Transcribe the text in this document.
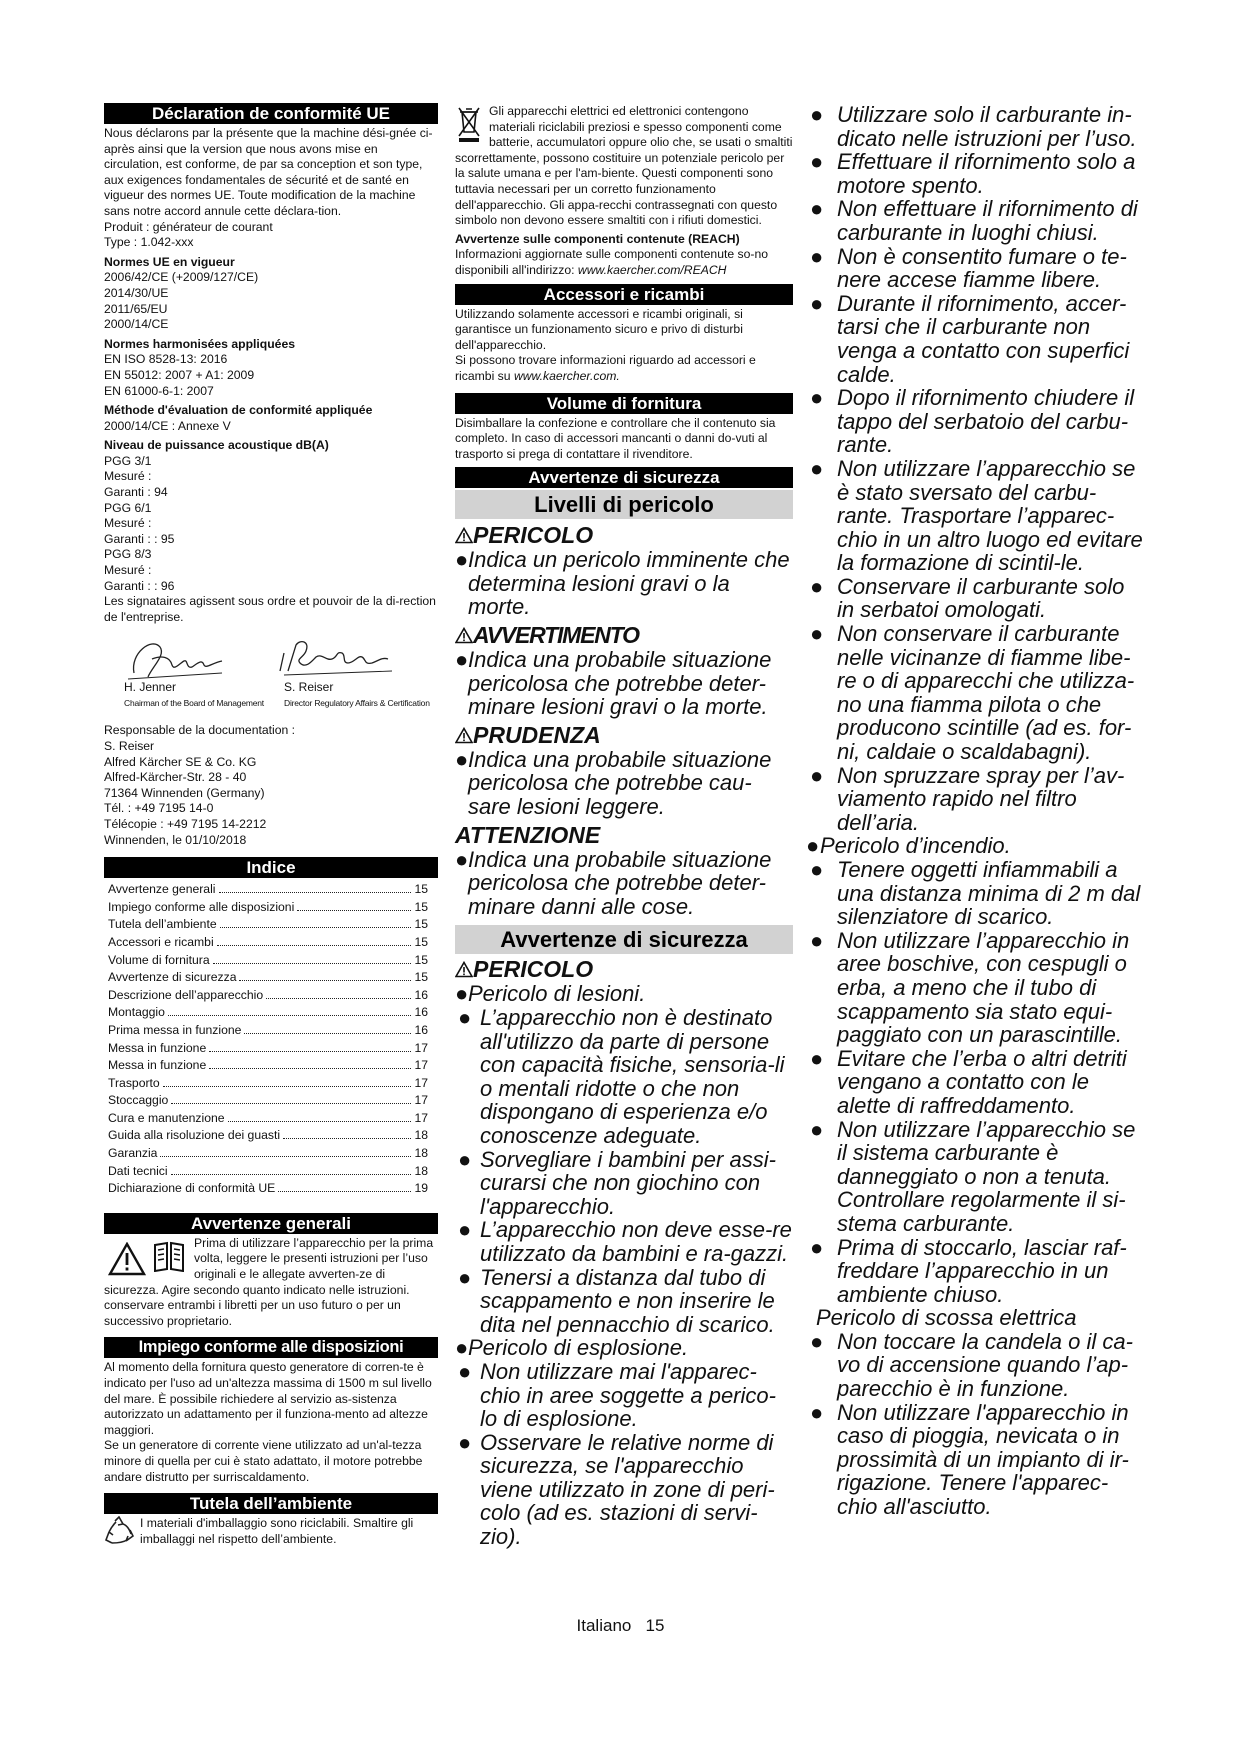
Déclaration de conformité UE

Nous déclarons par la présente que la machine dési-gnée ci-après ainsi que la version que nous avons mise en circulation, est conforme, de par sa conception et son type, aux exigences fondamentales de sécurité et de santé en vigueur des normes UE. Toute modification de la machine sans notre accord annule cette déclara-tion.

Produit : générateur de courant

Type : 1.042-xxx

Normes UE en vigueur

2006/42/CE (+2009/127/CE)

2014/30/UE

2011/65/EU

2000/14/CE

Normes harmonisées appliquées

EN ISO 8528-13: 2016

EN 55012: 2007 + A1: 2009

EN 61000-6-1: 2007

Méthode d'évaluation de conformité appliquée

2000/14/CE : Annexe V

Niveau de puissance acoustique dB(A)

PGG 3/1

Mesuré :

Garanti : 94

PGG 6/1

Mesuré :

Garanti : : 95

PGG 8/3

Mesuré :

Garanti : : 96

Les signataires agissent sous ordre et pouvoir de la di-rection de l'entreprise.

H. Jenner
Chairman of the Board of Management
S. Reiser
Director Regulatory Affairs & Certification

Responsable de la documentation :

S. Reiser

Alfred Kärcher SE & Co. KG

Alfred-Kärcher-Str. 28 - 40

71364 Winnenden (Germany)

Tél. : +49 7195 14-0

Télécopie : +49 7195 14-2212

Winnenden, le 01/10/2018

Indice
Avvertenze generali	15
Impiego conforme alle disposizioni	15
Tutela dell’ambiente	15
Accessori e ricambi	15
Volume di fornitura	15
Avvertenze di sicurezza	15
Descrizione dell’apparecchio	16
Montaggio	16
Prima messa in funzione	16
Messa in funzione	17
Messa in funzione	17
Trasporto	17
Stoccaggio	17
Cura e manutenzione	17
Guida alla risoluzione dei guasti	18
Garanzia	18
Dati tecnici	18
Dichiarazione di conformità UE	19
Avvertenze generali

Prima di utilizzare l’apparecchio per la prima volta, leggere le presenti istruzioni per l’uso originali e le allegate avverten-ze di sicurezza. Agire secondo quanto indicato nelle istruzioni.

conservare entrambi i libretti per un uso futuro o per un successivo proprietario.

Impiego conforme alle disposizioni

Al momento della fornitura questo generatore di corren-te è indicato per l'uso ad un'altezza massima di 1500 m sul livello del mare. È possibile richiedere al servizio as-sistenza autorizzato un adattamento per il funziona-mento ad altezze maggiori.

Se un generatore di corrente viene utilizzato ad un'al-tezza minore di quella per cui è stato adattato, il motore potrebbe andare distrutto per surriscaldamento.

Tutela dell’ambiente

I materiali d'imballaggio sono riciclabili. Smaltire gli imballaggi nel rispetto dell’ambiente.

Gli apparecchi elettrici ed elettronici contengono materiali riciclabili preziosi e spesso componenti come batterie, accumulatori oppure olio che, se usati o smaltiti scorrettamente, possono costituire un potenziale pericolo per la salute umana e per l'am-biente. Questi componenti sono tuttavia necessari per un corretto funzionamento dell'apparecchio. Gli appa-recchi contrassegnati con questo simbolo non devono essere smaltiti con i rifiuti domestici.

Avvertenze sulle componenti contenute (REACH)

Informazioni aggiornate sulle componenti contenute so-no disponibili all'indirizzo: www.kaercher.com/REACH

Accessori e ricambi

Utilizzando solamente accessori e ricambi originali, si garantisce un funzionamento sicuro e privo di disturbi dell'apparecchio.

Si possono trovare informazioni riguardo ad accessori e ricambi su www.kaercher.com.

Volume di fornitura

Disimballare la confezione e controllare che il contenuto sia completo. In caso di accessori mancanti o danni do-vuti al trasporto si prega di contattare il rivenditore.

Avvertenze di sicurezza
Livelli di pericolo
PERICOLO
● Indica un pericolo imminente che determina lesioni gravi o la morte.
AVVERTIMENTO
● Indica una probabile situazione pericolosa che potrebbe deter-minare lesioni gravi o la morte.
PRUDENZA
● Indica una probabile situazione pericolosa che potrebbe cau-sare lesioni leggere.
ATTENZIONE
● Indica una probabile situazione pericolosa che potrebbe deter-minare danni alle cose.
Avvertenze di sicurezza
PERICOLO
● Pericolo di lesioni.
● L’apparecchio non è destinato all'utilizzo da parte di persone con capacità fisiche, sensoria-li o mentali ridotte o che non dispongano di esperienza e/o conoscenze adeguate.
● Sorvegliare i bambini per assi-curarsi che non giochino con l'apparecchio.
● L’apparecchio non deve esse-re utilizzato da bambini e ra-gazzi.
● Tenersi a distanza dal tubo di scappamento e non inserire le dita nel pennacchio di scarico.
● Pericolo di esplosione.
● Non utilizzare mai l'apparec-chio in aree soggette a perico-lo di esplosione.
● Osservare le relative norme di sicurezza, se l'apparecchio viene utilizzato in zone di peri-colo (ad es. stazioni di servi-zio).
● Utilizzare solo il carburante in-dicato nelle istruzioni per l’uso.
● Effettuare il rifornimento solo a motore spento.
● Non effettuare il rifornimento di carburante in luoghi chiusi.
● Non è consentito fumare o te-nere accese fiamme libere.
● Durante il rifornimento, accer-tarsi che il carburante non venga a contatto con superfici calde.
● Dopo il rifornimento chiudere il tappo del serbatoio del carbu-rante.
● Non utilizzare l’apparecchio se è stato sversato del carbu-rante. Trasportare l’apparec-chio in un altro luogo ed evitare la formazione di scintil-le.
● Conservare il carburante solo in serbatoi omologati.
● Non conservare il carburante nelle vicinanze di fiamme libe-re o di apparecchi che utilizza-no una fiamma pilota o che producono scintille (ad es. for-ni, caldaie o scaldabagni).
● Non spruzzare spray per l’av-viamento rapido nel filtro dell’aria.
● Pericolo d’incendio.
● Tenere oggetti infiammabili a una distanza minima di 2 m dal silenziatore di scarico.
● Non utilizzare l’apparecchio in aree boschive, con cespugli o erba, a meno che il tubo di scappamento sia stato equi-paggiato con un parascintille.
● Evitare che l’erba o altri detriti vengano a contatto con le alette di raffreddamento.
● Non utilizzare l’apparecchio se il sistema carburante è danneggiato o non a tenuta. Controllare regolarmente il si-stema carburante.
● Prima di stoccarlo, lasciar raf-freddare l’apparecchio in un ambiente chiuso.
Pericolo di scossa elettrica
● Non toccare la candela o il ca-vo di accensione quando l’ap-parecchio è in funzione.
● Non utilizzare l'apparecchio in caso di pioggia, nevicata o in prossimità di un impianto di ir-rigazione. Tenere l'apparec-chio all'asciutto.
Italiano 15
